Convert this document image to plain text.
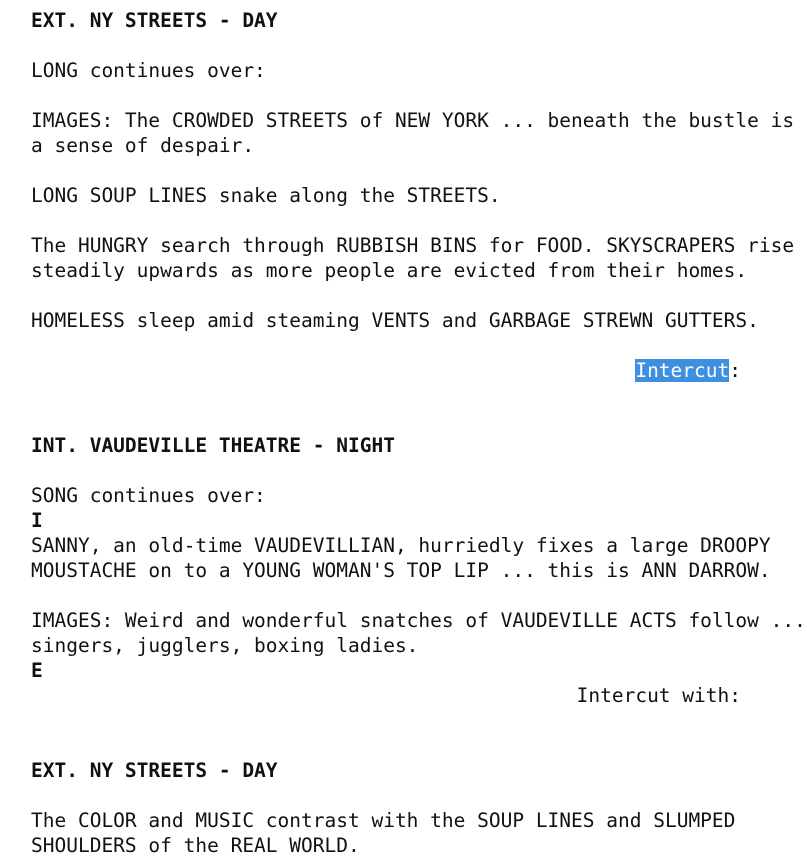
EXT. NY STREETS - DAY
LONG continues over:
IMAGES: The CROWDED STREETS of NEW YORK ... beneath the bustle is
a sense of despair.
LONG SOUP LINES snake along the STREETS.
The HUNGRY search through RUBBISH BINS for FOOD. SKYSCRAPERS rise
steadily upwards as more people are evicted from their homes.
HOMELESS sleep amid steaming VENTS and GARBAGE STREWN GUTTERS.
Intercut:
INT. VAUDEVILLE THEATRE - NIGHT
SONG continues over:
I
SANNY, an old-time VAUDEVILLIAN, hurriedly fixes a large DROOPY
MOUSTACHE on to a YOUNG WOMAN'S TOP LIP ... this is ANN DARROW.
IMAGES: Weird and wonderful snatches of VAUDEVILLE ACTS follow ...
singers, jugglers, boxing ladies.
E
Intercut with:
EXT. NY STREETS - DAY
The COLOR and MUSIC contrast with the SOUP LINES and SLUMPED
SHOULDERS of the REAL WORLD.
